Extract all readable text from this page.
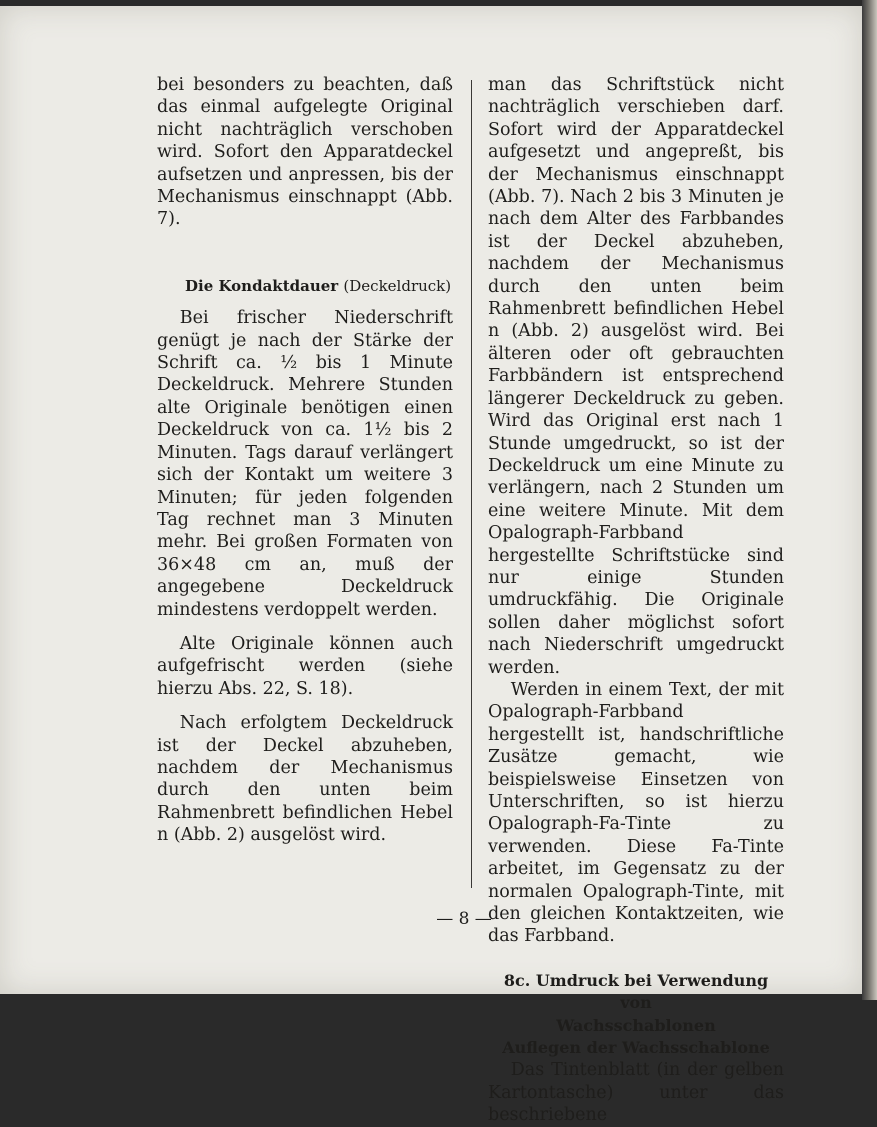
bei besonders zu beachten, daß das einmal aufgelegte Original nicht nachträglich verschoben wird. Sofort den Apparatdeckel aufsetzen und anpressen, bis der Mechanismus einschnappt (Abb. 7).

Die Kondaktdauer (Deckeldruck)

Bei frischer Niederschrift genügt je nach der Stärke der Schrift ca. ½ bis 1 Minute Deckeldruck. Mehrere Stunden alte Originale benötigen einen Deckeldruck von ca. 1½ bis 2 Minuten. Tags darauf verlängert sich der Kontakt um weitere 3 Minuten; für jeden folgenden Tag rechnet man 3 Minuten mehr. Bei großen Formaten von 36×48 cm an, muß der angegebene Deckeldruck mindestens verdoppelt werden.

Alte Originale können auch aufgefrischt werden (siehe hierzu Abs. 22, S. 18).

Nach erfolgtem Deckeldruck ist der Deckel abzuheben, nachdem der Mechanismus durch den unten beim Rahmenbrett befindlichen Hebel n (Abb. 2) ausgelöst wird.

man das Schriftstück nicht nachträglich verschieben darf. Sofort wird der Apparatdeckel aufgesetzt und angepreßt, bis der Mechanismus einschnappt (Abb. 7). Nach 2 bis 3 Minuten je nach dem Alter des Farbbandes ist der Deckel abzuheben, nachdem der Mechanismus durch den unten beim Rahmenbrett befindlichen Hebel n (Abb. 2) ausgelöst wird. Bei älteren oder oft gebrauchten Farbbändern ist entsprechend längerer Deckeldruck zu geben. Wird das Original erst nach 1 Stunde umgedruckt, so ist der Deckeldruck um eine Minute zu verlängern, nach 2 Stunden um eine weitere Minute. Mit dem Opalograph-Farbband hergestellte Schriftstücke sind nur einige Stunden umdruckfähig. Die Originale sollen daher möglichst sofort nach Niederschrift umgedruckt werden.

Werden in einem Text, der mit Opalograph-Farbband hergestellt ist, handschriftliche Zusätze gemacht, wie beispielsweise Einsetzen von Unterschriften, so ist hierzu Opalograph-Fa-Tinte zu verwenden. Diese Fa-Tinte arbeitet, im Gegensatz zu der normalen Opalograph-Tinte, mit den gleichen Kontaktzeiten, wie das Farbband.

8c. Umdruck bei Verwendung von
Wachsschablonen
Auflegen der Wachsschablone

Das Tintenblatt (in der gelben Kartontasche) unter das beschriebene

— 8 —
